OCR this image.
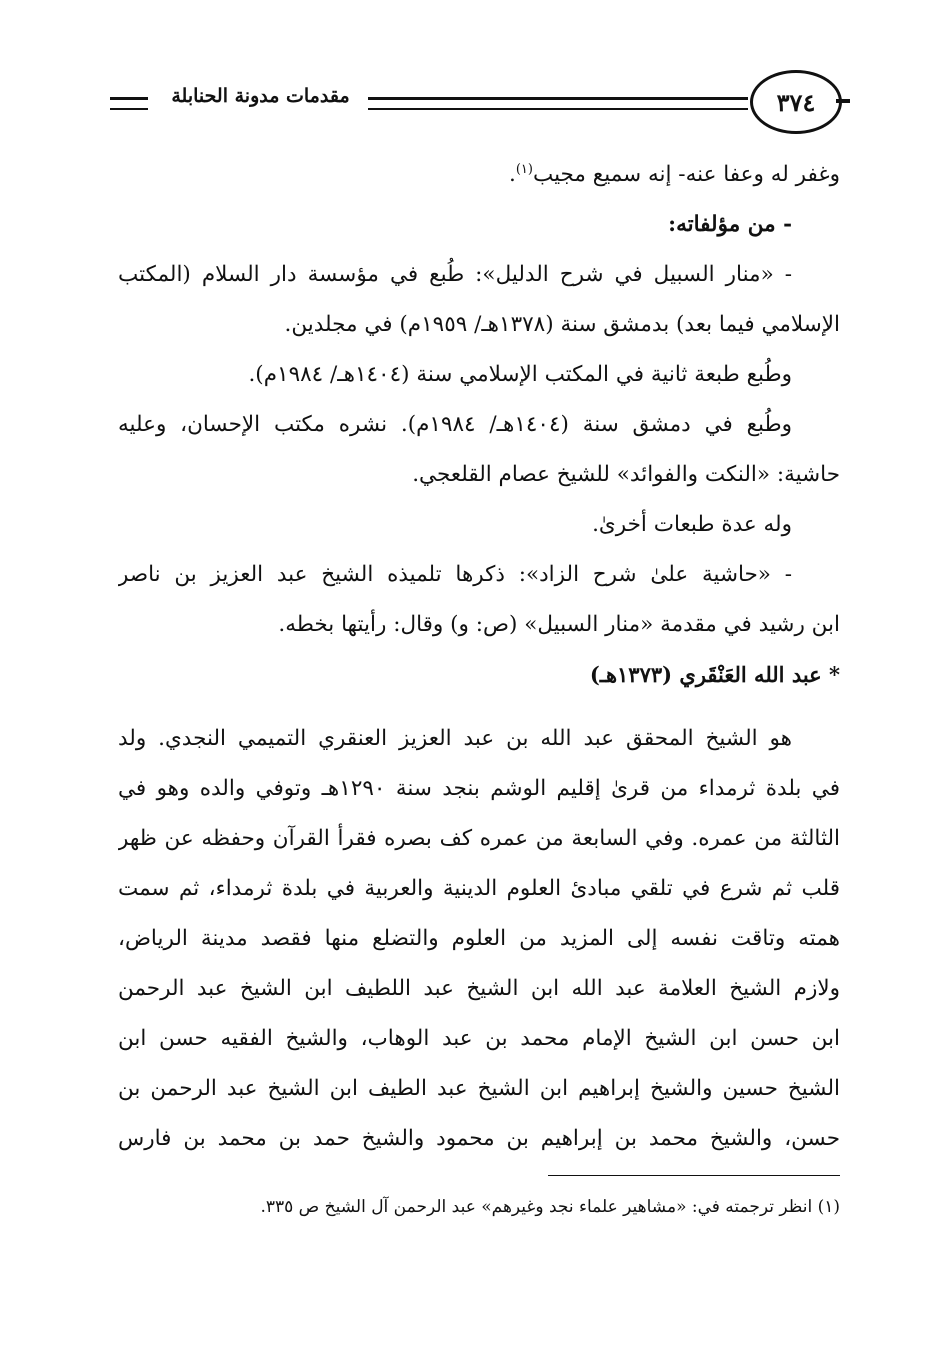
مقدمات مدونة الحنابلة	٣٧٤
وغفر له وعفا عنه- إنه سميع مجيب$^{(١)}$.
- من مؤلفاته:
- «منار السبيل في شرح الدليل»: طُبع في مؤسسة دار السلام (المكتب
الإسلامي فيما بعد) بدمشق سنة (١٣٧٨هـ/ ١٩٥٩م) في مجلدين.
وطُبع طبعة ثانية في المكتب الإسلامي سنة (١٤٠٤هـ/ ١٩٨٤م).
وطُبع في دمشق سنة (١٤٠٤هـ/ ١٩٨٤م). نشره مكتب الإحسان، وعليه
حاشية: «النكت والفوائد» للشيخ عصام القلعجي.
وله عدة طبعات أخرىٰ.
- «حاشية علىٰ شرح الزاد»: ذكرها تلميذه الشيخ عبد العزيز بن ناصر
ابن رشيد في مقدمة «منار السبيل» (ص: و) وقال: رأيتها بخطه.
* عبد الله العَنْقَري (١٣٧٣هـ)
هو الشيخ المحقق عبد الله بن عبد العزيز العنقري التميمي النجدي. ولد
في بلدة ثرمداء من قرىٰ إقليم الوشم بنجد سنة ١٢٩٠هـ وتوفي والده وهو في
الثالثة من عمره. وفي السابعة من عمره كف بصره فقرأ القرآن وحفظه عن ظهر
قلب ثم شرع في تلقي مبادئ العلوم الدينية والعربية في بلدة ثرمداء، ثم سمت
همته وتاقت نفسه إلى المزيد من العلوم والتضلع منها فقصد مدينة الرياض،
ولازم الشيخ العلامة عبد الله ابن الشيخ عبد اللطيف ابن الشيخ عبد الرحمن
ابن حسن ابن الشيخ الإمام محمد بن عبد الوهاب، والشيخ الفقيه حسن ابن
الشيخ حسين والشيخ إبراهيم ابن الشيخ عبد الطيف ابن الشيخ عبد الرحمن بن
حسن، والشيخ محمد بن إبراهيم بن محمود والشيخ حمد بن محمد بن فارس
(١) انظر ترجمته في: «مشاهير علماء نجد وغيرهم» عبد الرحمن آل الشيخ ص ٣٣٥.
